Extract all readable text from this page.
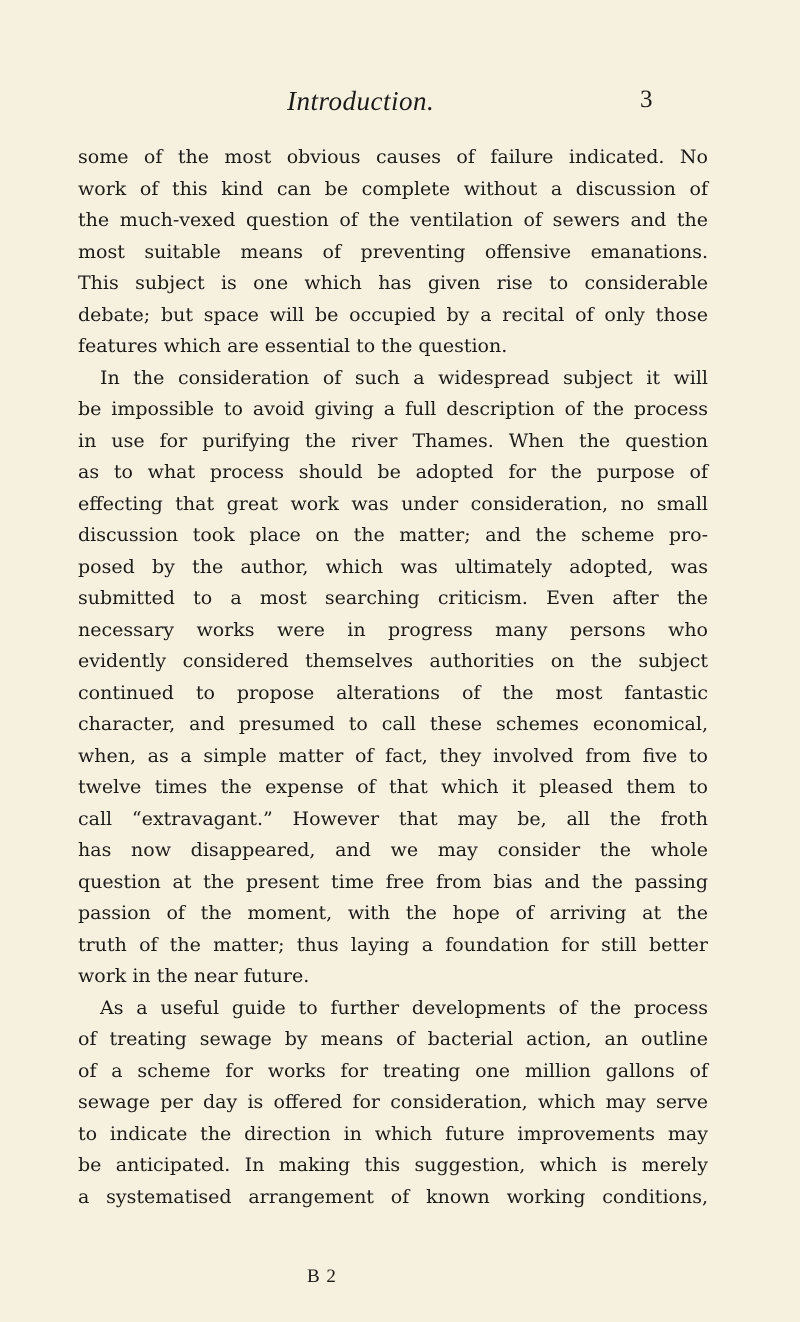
Introduction.	3
some of the most obvious causes of failure indicated. No
work of this kind can be complete without a discussion of
the much-vexed question of the ventilation of sewers and the
most suitable means of preventing offensive emanations.
This subject is one which has given rise to considerable
debate; but space will be occupied by a recital of only those
features which are essential to the question.
In the consideration of such a widespread subject it will
be impossible to avoid giving a full description of the process
in use for purifying the river Thames. When the question
as to what process should be adopted for the purpose of
effecting that great work was under consideration, no small
discussion took place on the matter; and the scheme pro-
posed by the author, which was ultimately adopted, was
submitted to a most searching criticism. Even after the
necessary works were in progress many persons who
evidently considered themselves authorities on the subject
continued to propose alterations of the most fantastic
character, and presumed to call these schemes economical,
when, as a simple matter of fact, they involved from five to
twelve times the expense of that which it pleased them to
call “extravagant.” However that may be, all the froth
has now disappeared, and we may consider the whole
question at the present time free from bias and the passing
passion of the moment, with the hope of arriving at the
truth of the matter; thus laying a foundation for still better
work in the near future.
As a useful guide to further developments of the process
of treating sewage by means of bacterial action, an outline
of a scheme for works for treating one million gallons of
sewage per day is offered for consideration, which may serve
to indicate the direction in which future improvements may
be anticipated. In making this suggestion, which is merely
a systematised arrangement of known working conditions,
B 2
